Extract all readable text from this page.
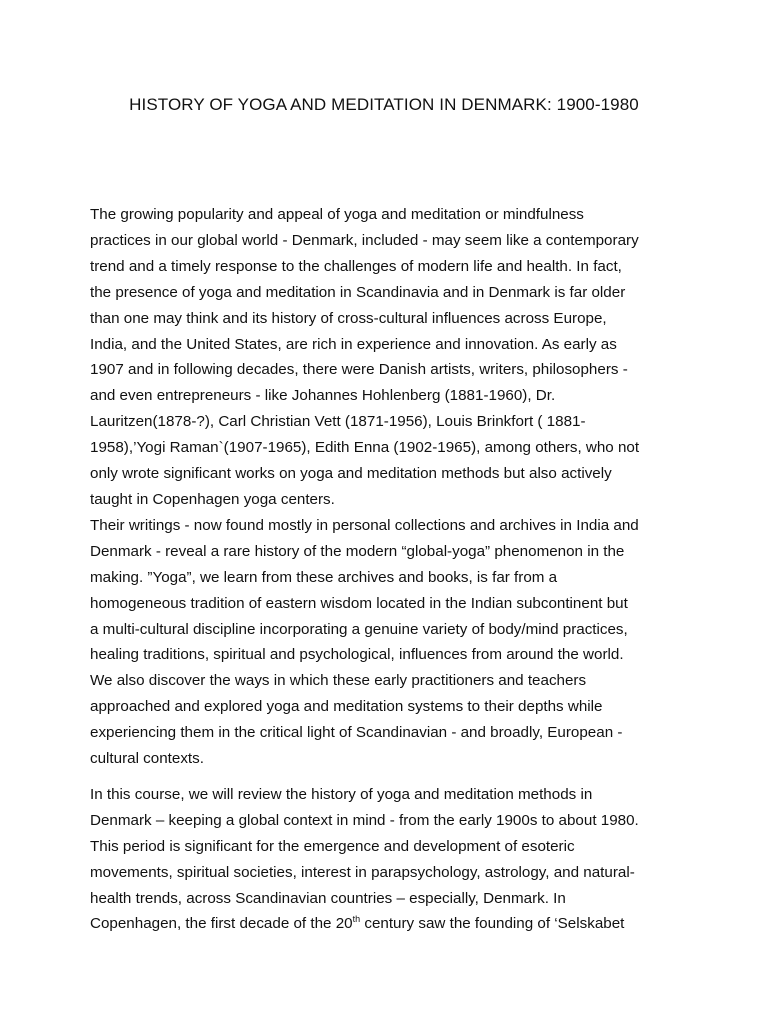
HISTORY OF YOGA AND MEDITATION IN DENMARK: 1900-1980

The growing popularity and appeal of yoga and meditation or mindfulness
practices in our global world - Denmark, included - may seem like a contemporary
trend and a timely response to the challenges of modern life and health. In fact,
the presence of yoga and meditation in Scandinavia and in Denmark is far older
than one may think and its history of cross-cultural influences across Europe,
India, and the United States, are rich in experience and innovation. As early as
1907 and in following decades, there were Danish artists, writers, philosophers -
and even entrepreneurs - like Johannes Hohlenberg (1881-1960), Dr.
Lauritzen(1878-?), Carl Christian Vett (1871-1956), Louis Brinkfort ( 1881-
1958),’Yogi Raman`(1907-1965), Edith Enna (1902-1965), among others, who not
only wrote significant works on yoga and meditation methods but also actively
taught in Copenhagen yoga centers.

Their writings - now found mostly in personal collections and archives in India and
Denmark - reveal a rare history of the modern “global-yoga” phenomenon in the
making. ”Yoga”, we learn from these archives and books, is far from a
homogeneous tradition of eastern wisdom located in the Indian subcontinent but
a multi-cultural discipline incorporating a genuine variety of body/mind practices,
healing traditions, spiritual and psychological, influences from around the world.
We also discover the ways in which these early practitioners and teachers
approached and explored yoga and meditation systems to their depths while
experiencing them in the critical light of Scandinavian - and broadly, European -
cultural contexts.

In this course, we will review the history of yoga and meditation methods in
Denmark – keeping a global context in mind - from the early 1900s to about 1980.
This period is significant for the emergence and development of esoteric
movements, spiritual societies, interest in parapsychology, astrology, and natural-
health trends, across Scandinavian countries – especially, Denmark. In
Copenhagen, the first decade of the 20th century saw the founding of ‘Selskabet
